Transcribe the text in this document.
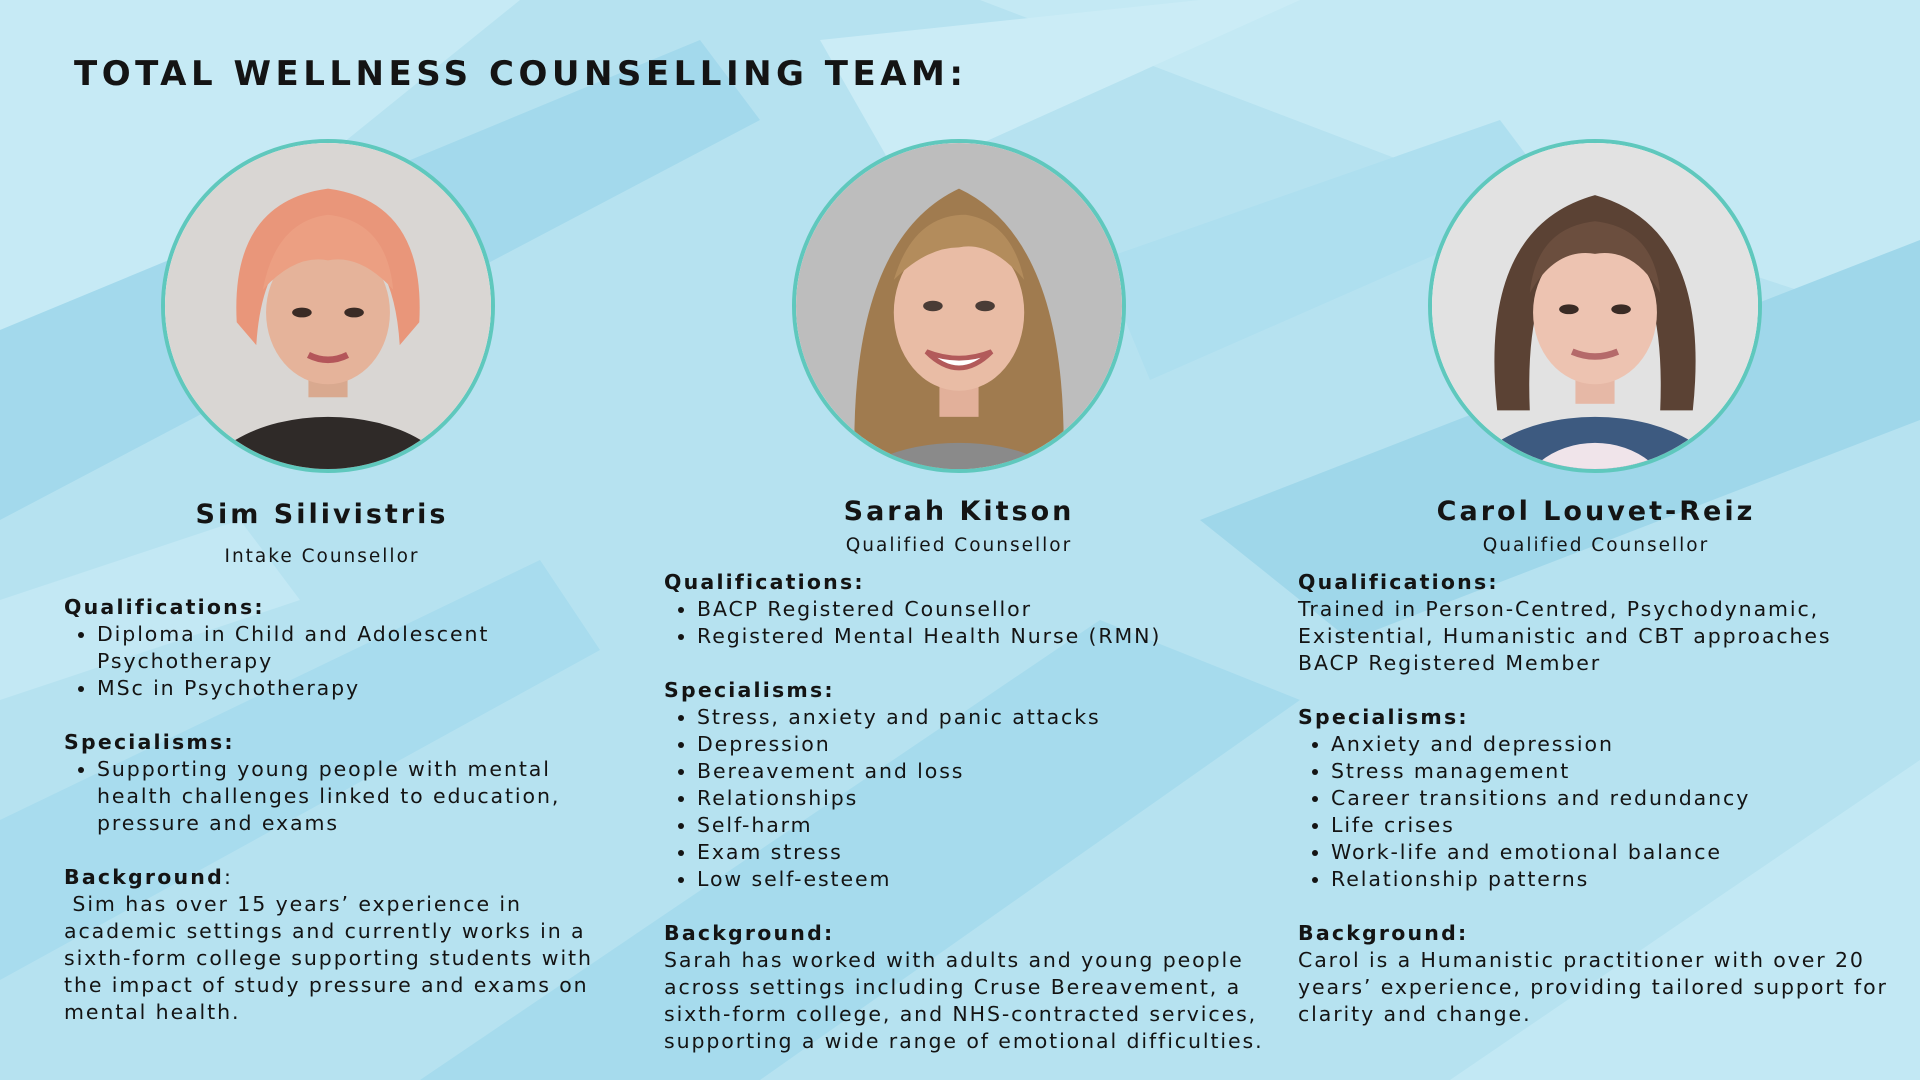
TOTAL WELLNESS COUNSELLING TEAM:
Sim Silivistris
Intake Counsellor
Qualifications:
• Diploma in Child and Adolescent Psychotherapy
• MSc in Psychotherapy
Specialisms:
• Supporting young people with mental health challenges linked to education, pressure and exams
Background:

Sim has over 15 years’ experience in academic settings and currently works in a sixth-form college supporting students with the impact of study pressure and exams on mental health.

Sarah Kitson
Qualified Counsellor
Qualifications:
• BACP Registered Counsellor
• Registered Mental Health Nurse (RMN)
Specialisms:
• Stress, anxiety and panic attacks
• Depression
• Bereavement and loss
• Relationships
• Self-harm
• Exam stress
• Low self-esteem
Background:

Sarah has worked with adults and young people across settings including Cruse Bereavement, a sixth-form college, and NHS-contracted services, supporting a wide range of emotional difficulties.

Carol Louvet-Reiz
Qualified Counsellor
Qualifications:

Trained in Person-Centred, Psychodynamic, Existential, Humanistic and CBT approaches

BACP Registered Member

Specialisms:
• Anxiety and depression
• Stress management
• Career transitions and redundancy
• Life crises
• Work-life and emotional balance
• Relationship patterns
Background:

Carol is a Humanistic practitioner with over 20 years’ experience, providing tailored support for clarity and change.
